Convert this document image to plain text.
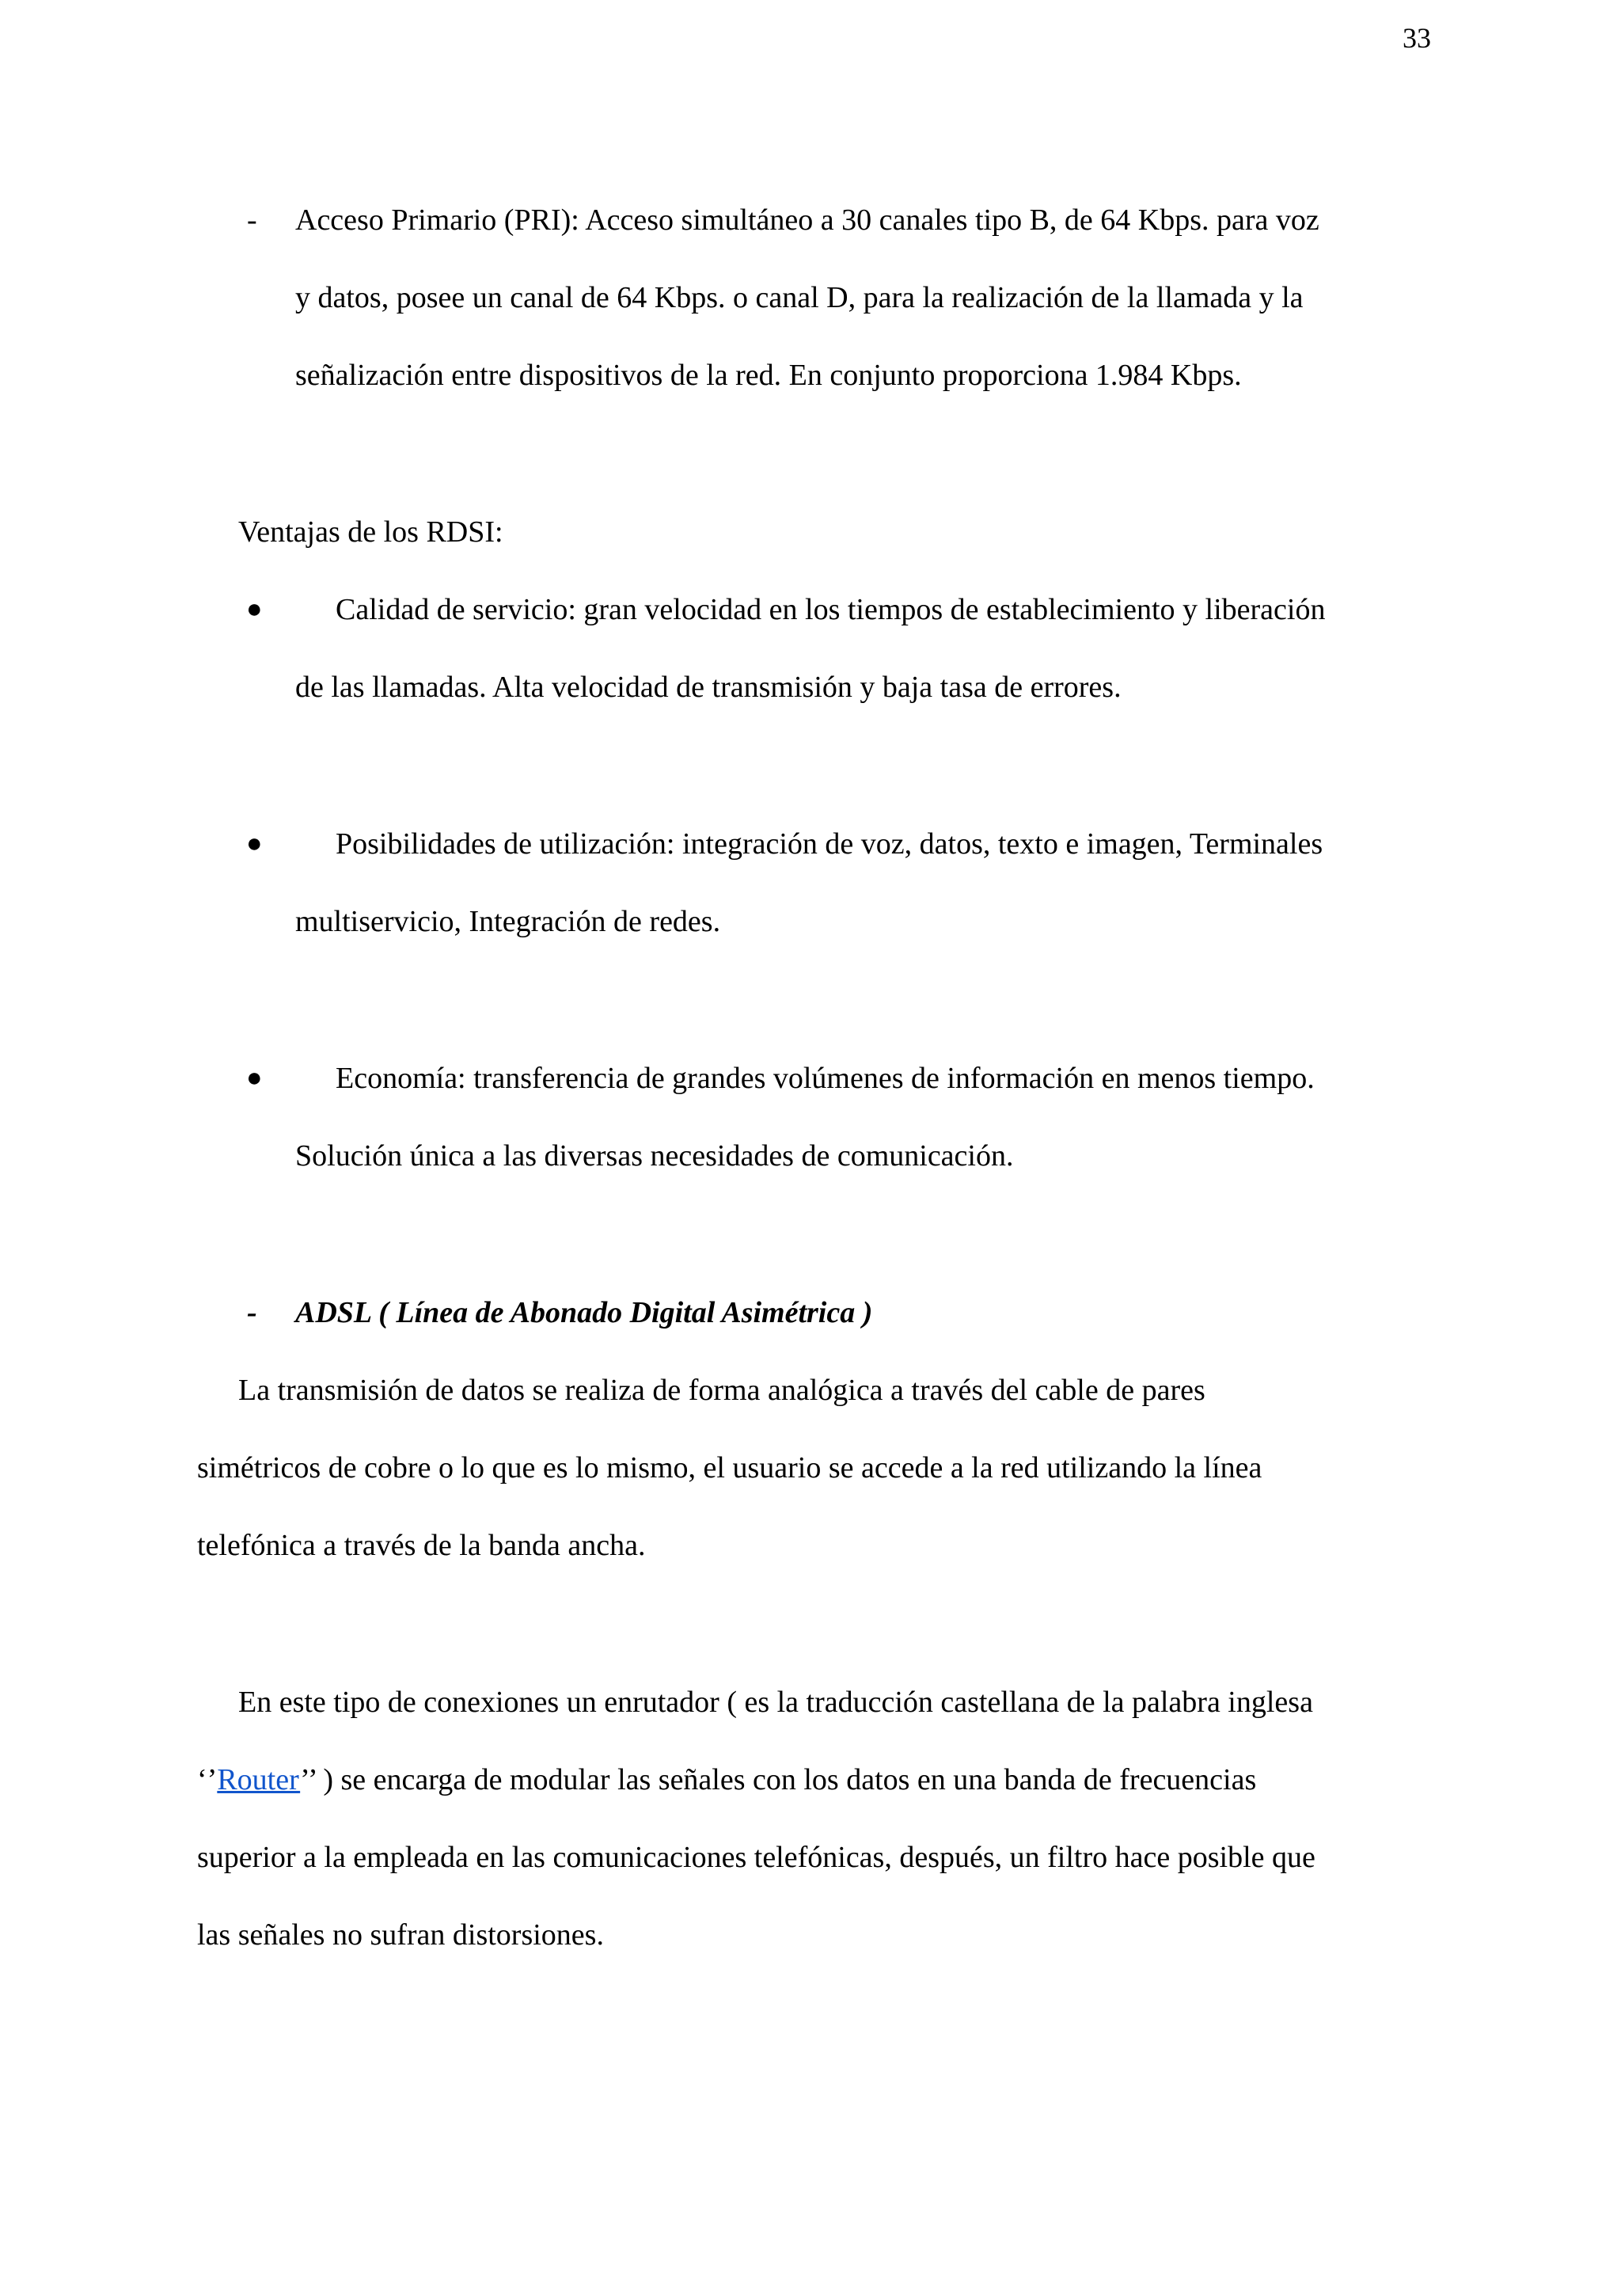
33
- Acceso Primario (PRI): Acceso simultáneo a 30 canales tipo B, de 64 Kbps. para voz
y datos, posee un canal de 64 Kbps. o canal D, para la realización de la llamada y la
señalización entre dispositivos de la red. En conjunto proporciona 1.984 Kbps.
Ventajas de los RDSI:
● Calidad de servicio: gran velocidad en los tiempos de establecimiento y liberación
de las llamadas. Alta velocidad de transmisión y baja tasa de errores.
● Posibilidades de utilización: integración de voz, datos, texto e imagen, Terminales
multiservicio, Integración de redes.
● Economía: transferencia de grandes volúmenes de información en menos tiempo.
Solución única a las diversas necesidades de comunicación.
- ADSL ( Línea de Abonado Digital Asimétrica )
La transmisión de datos se realiza de forma analógica a través del cable de pares
simétricos de cobre o lo que es lo mismo, el usuario se accede a la red utilizando la línea
telefónica a través de la banda ancha.
En este tipo de conexiones un enrutador ( es la traducción castellana de la palabra inglesa
‘’Router’’ ) se encarga de modular las señales con los datos en una banda de frecuencias
superior a la empleada en las comunicaciones telefónicas, después, un filtro hace posible que
las señales no sufran distorsiones.
